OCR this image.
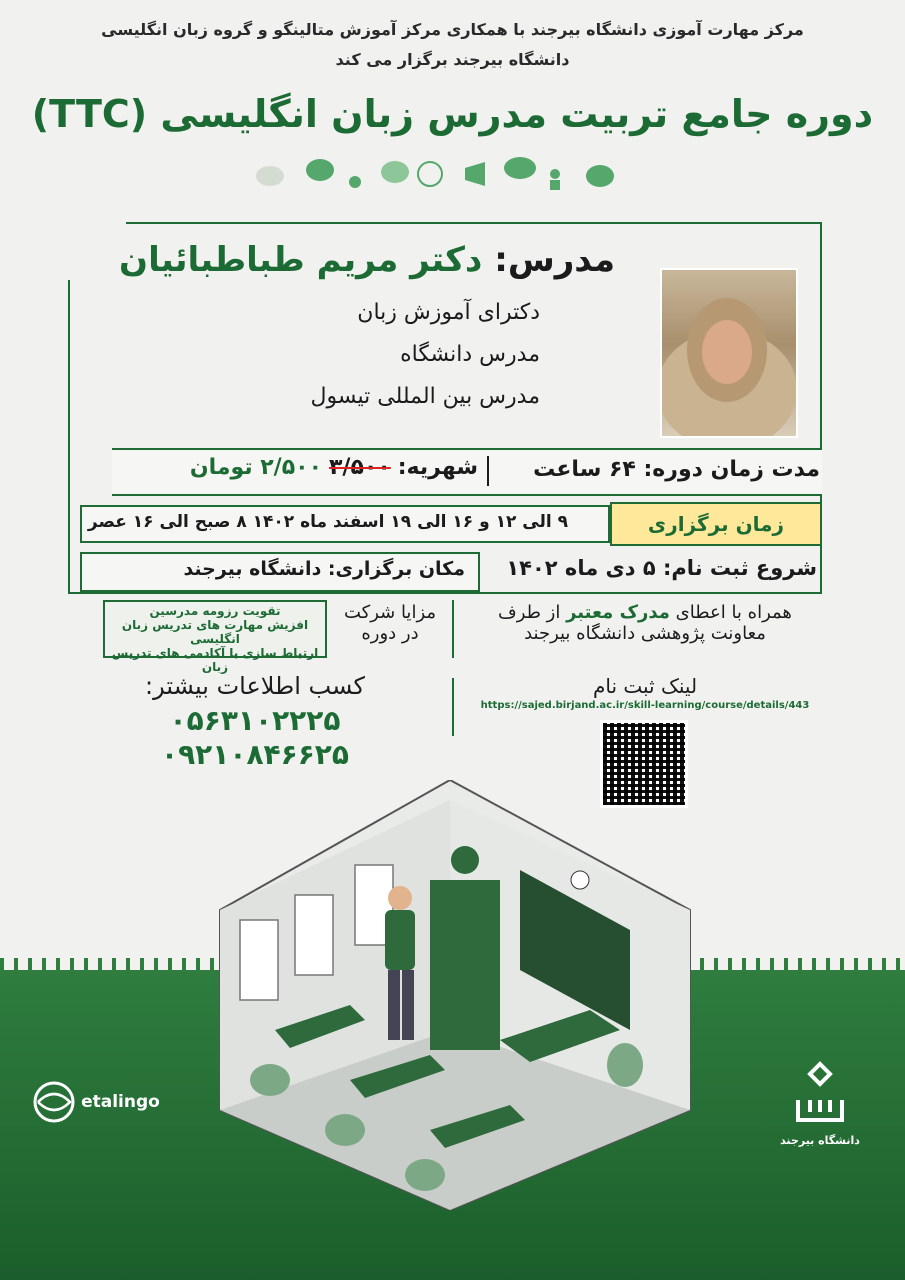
مرکز مهارت آموزی دانشگاه بیرجند با همکاری مرکز آموزش متالینگو و گروه زبان انگلیسی
دانشگاه بیرجند برگزار می کند
دوره جامع تربیت مدرس زبان انگلیسی (TTC)
مدرس: دکتر مریم طباطبائیان
دکترای آموزش زبان
مدرس دانشگاه
مدرس بین المللی تیسول
مدت زمان دوره: ۶۴ ساعت
شهریه: ۳/۵۰۰ ۲/۵۰۰ تومان
۹ الی ۱۲ و ۱۶ الی ۱۹ اسفند ماه ۱۴۰۲ ۸ صبح الی ۱۶ عصر	زمان برگزاری
مکان برگزاری: دانشگاه بیرجند شروع ثبت نام: ۵ دی ماه ۱۴۰۲
تقویت رزومه مدرسین
افزیش مهارت های تدریس زبان انگلیسی
ارتباط سازی با آکادمی های تدریس زبان
مزایا شرکت
در دوره
همراه با اعطای مدرک معتبر از طرف
معاونت پژوهشی دانشگاه بیرجند
کسب اطلاعات بیشتر:
۰۵۶۳۱۰۲۲۲۵
۰۹۲۱۰۸۴۶۶۲۵
لینک ثبت نام
https://sajed.birjand.ac.ir/skill-learning/course/details/443
etalingo
دانشگاه بیرجند
